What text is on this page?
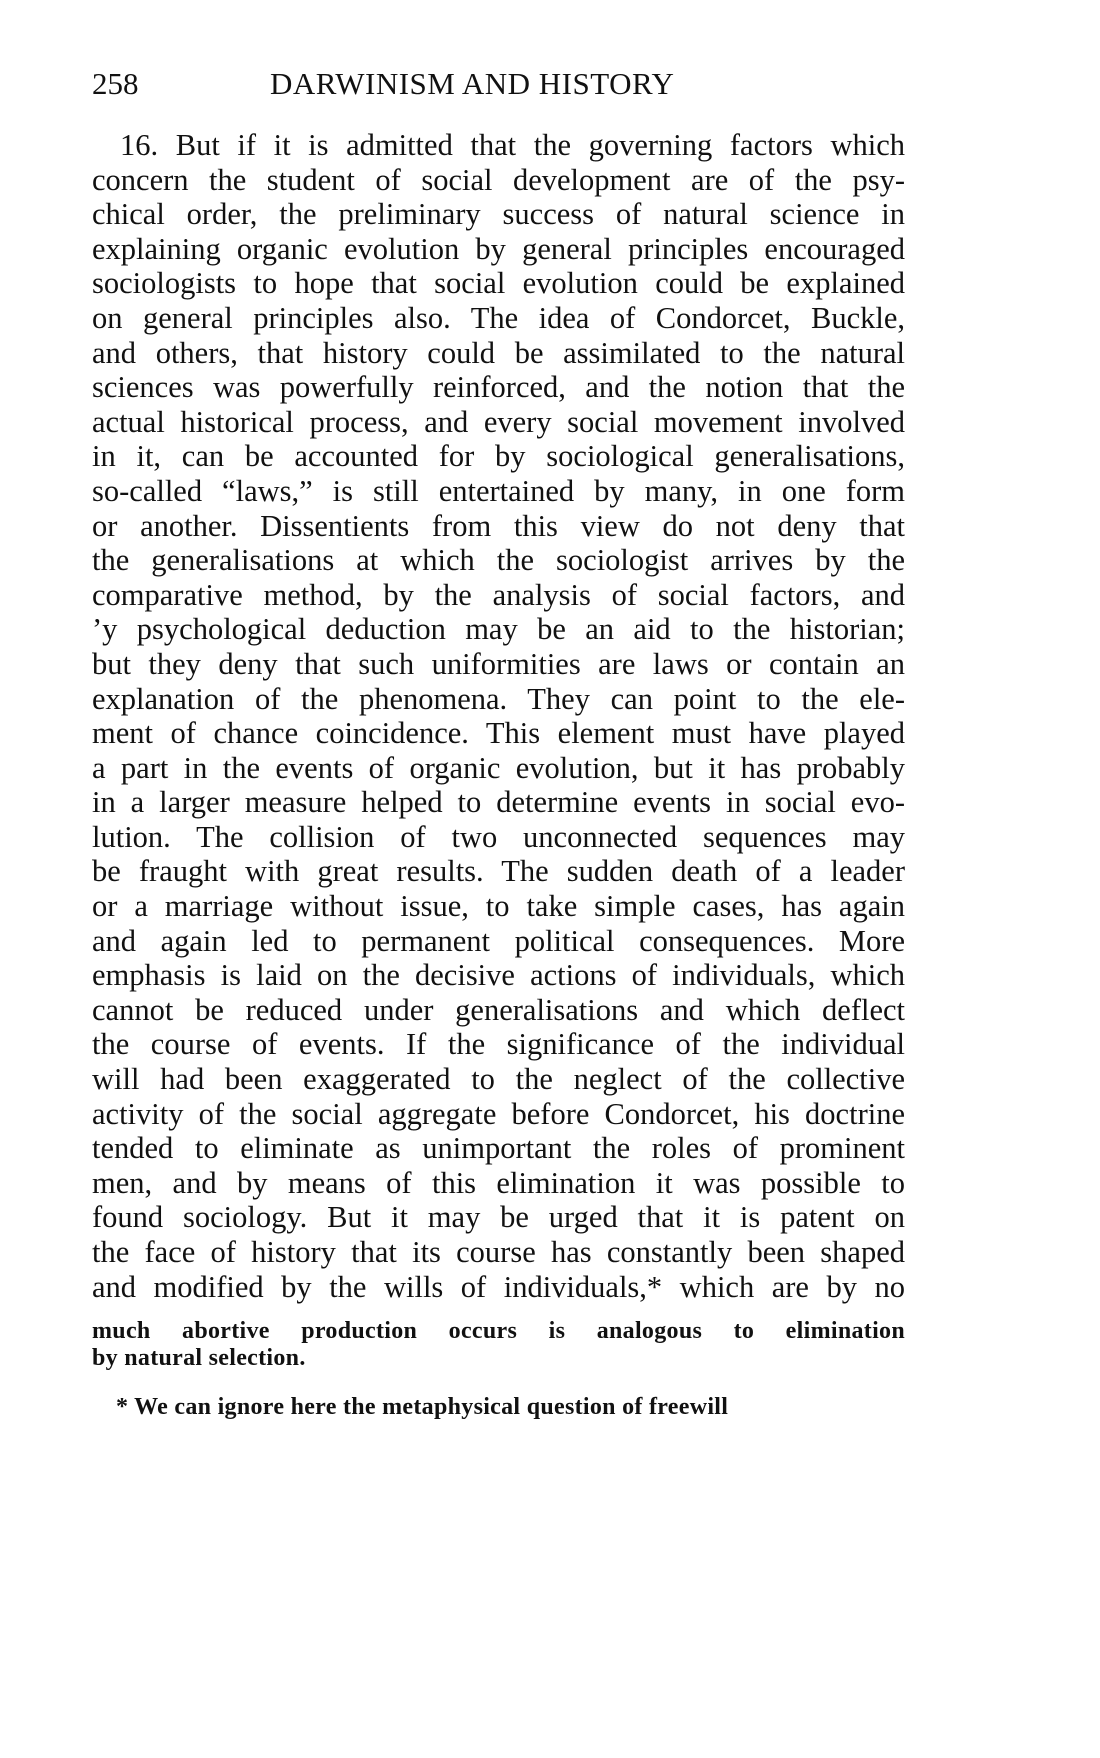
258	DARWINISM AND HISTORY
16. But if it is admitted that the governing factors which
concern the student of social development are of the psy-
chical order, the preliminary success of natural science in
explaining organic evolution by general principles encouraged
sociologists to hope that social evolution could be explained
on general principles also. The idea of Condorcet, Buckle,
and others, that history could be assimilated to the natural
sciences was powerfully reinforced, and the notion that the
actual historical process, and every social movement involved
in it, can be accounted for by sociological generalisations,
so-called “laws,” is still entertained by many, in one form
or another. Dissentients from this view do not deny that
the generalisations at which the sociologist arrives by the
comparative method, by the analysis of social factors, and
’y psychological deduction may be an aid to the historian;
but they deny that such uniformities are laws or contain an
explanation of the phenomena. They can point to the ele-
ment of chance coincidence. This element must have played
a part in the events of organic evolution, but it has probably
in a larger measure helped to determine events in social evo-
lution. The collision of two unconnected sequences may
be fraught with great results. The sudden death of a leader
or a marriage without issue, to take simple cases, has again
and again led to permanent political consequences. More
emphasis is laid on the decisive actions of individuals, which
cannot be reduced under generalisations and which deflect
the course of events. If the significance of the individual
will had been exaggerated to the neglect of the collective
activity of the social aggregate before Condorcet, his doctrine
tended to eliminate as unimportant the roles of prominent
men, and by means of this elimination it was possible to
found sociology. But it may be urged that it is patent on
the face of history that its course has constantly been shaped
and modified by the wills of individuals,* which are by no
much abortive production occurs is analogous to elimination
by natural selection.
* We can ignore here the metaphysical question of freewill
